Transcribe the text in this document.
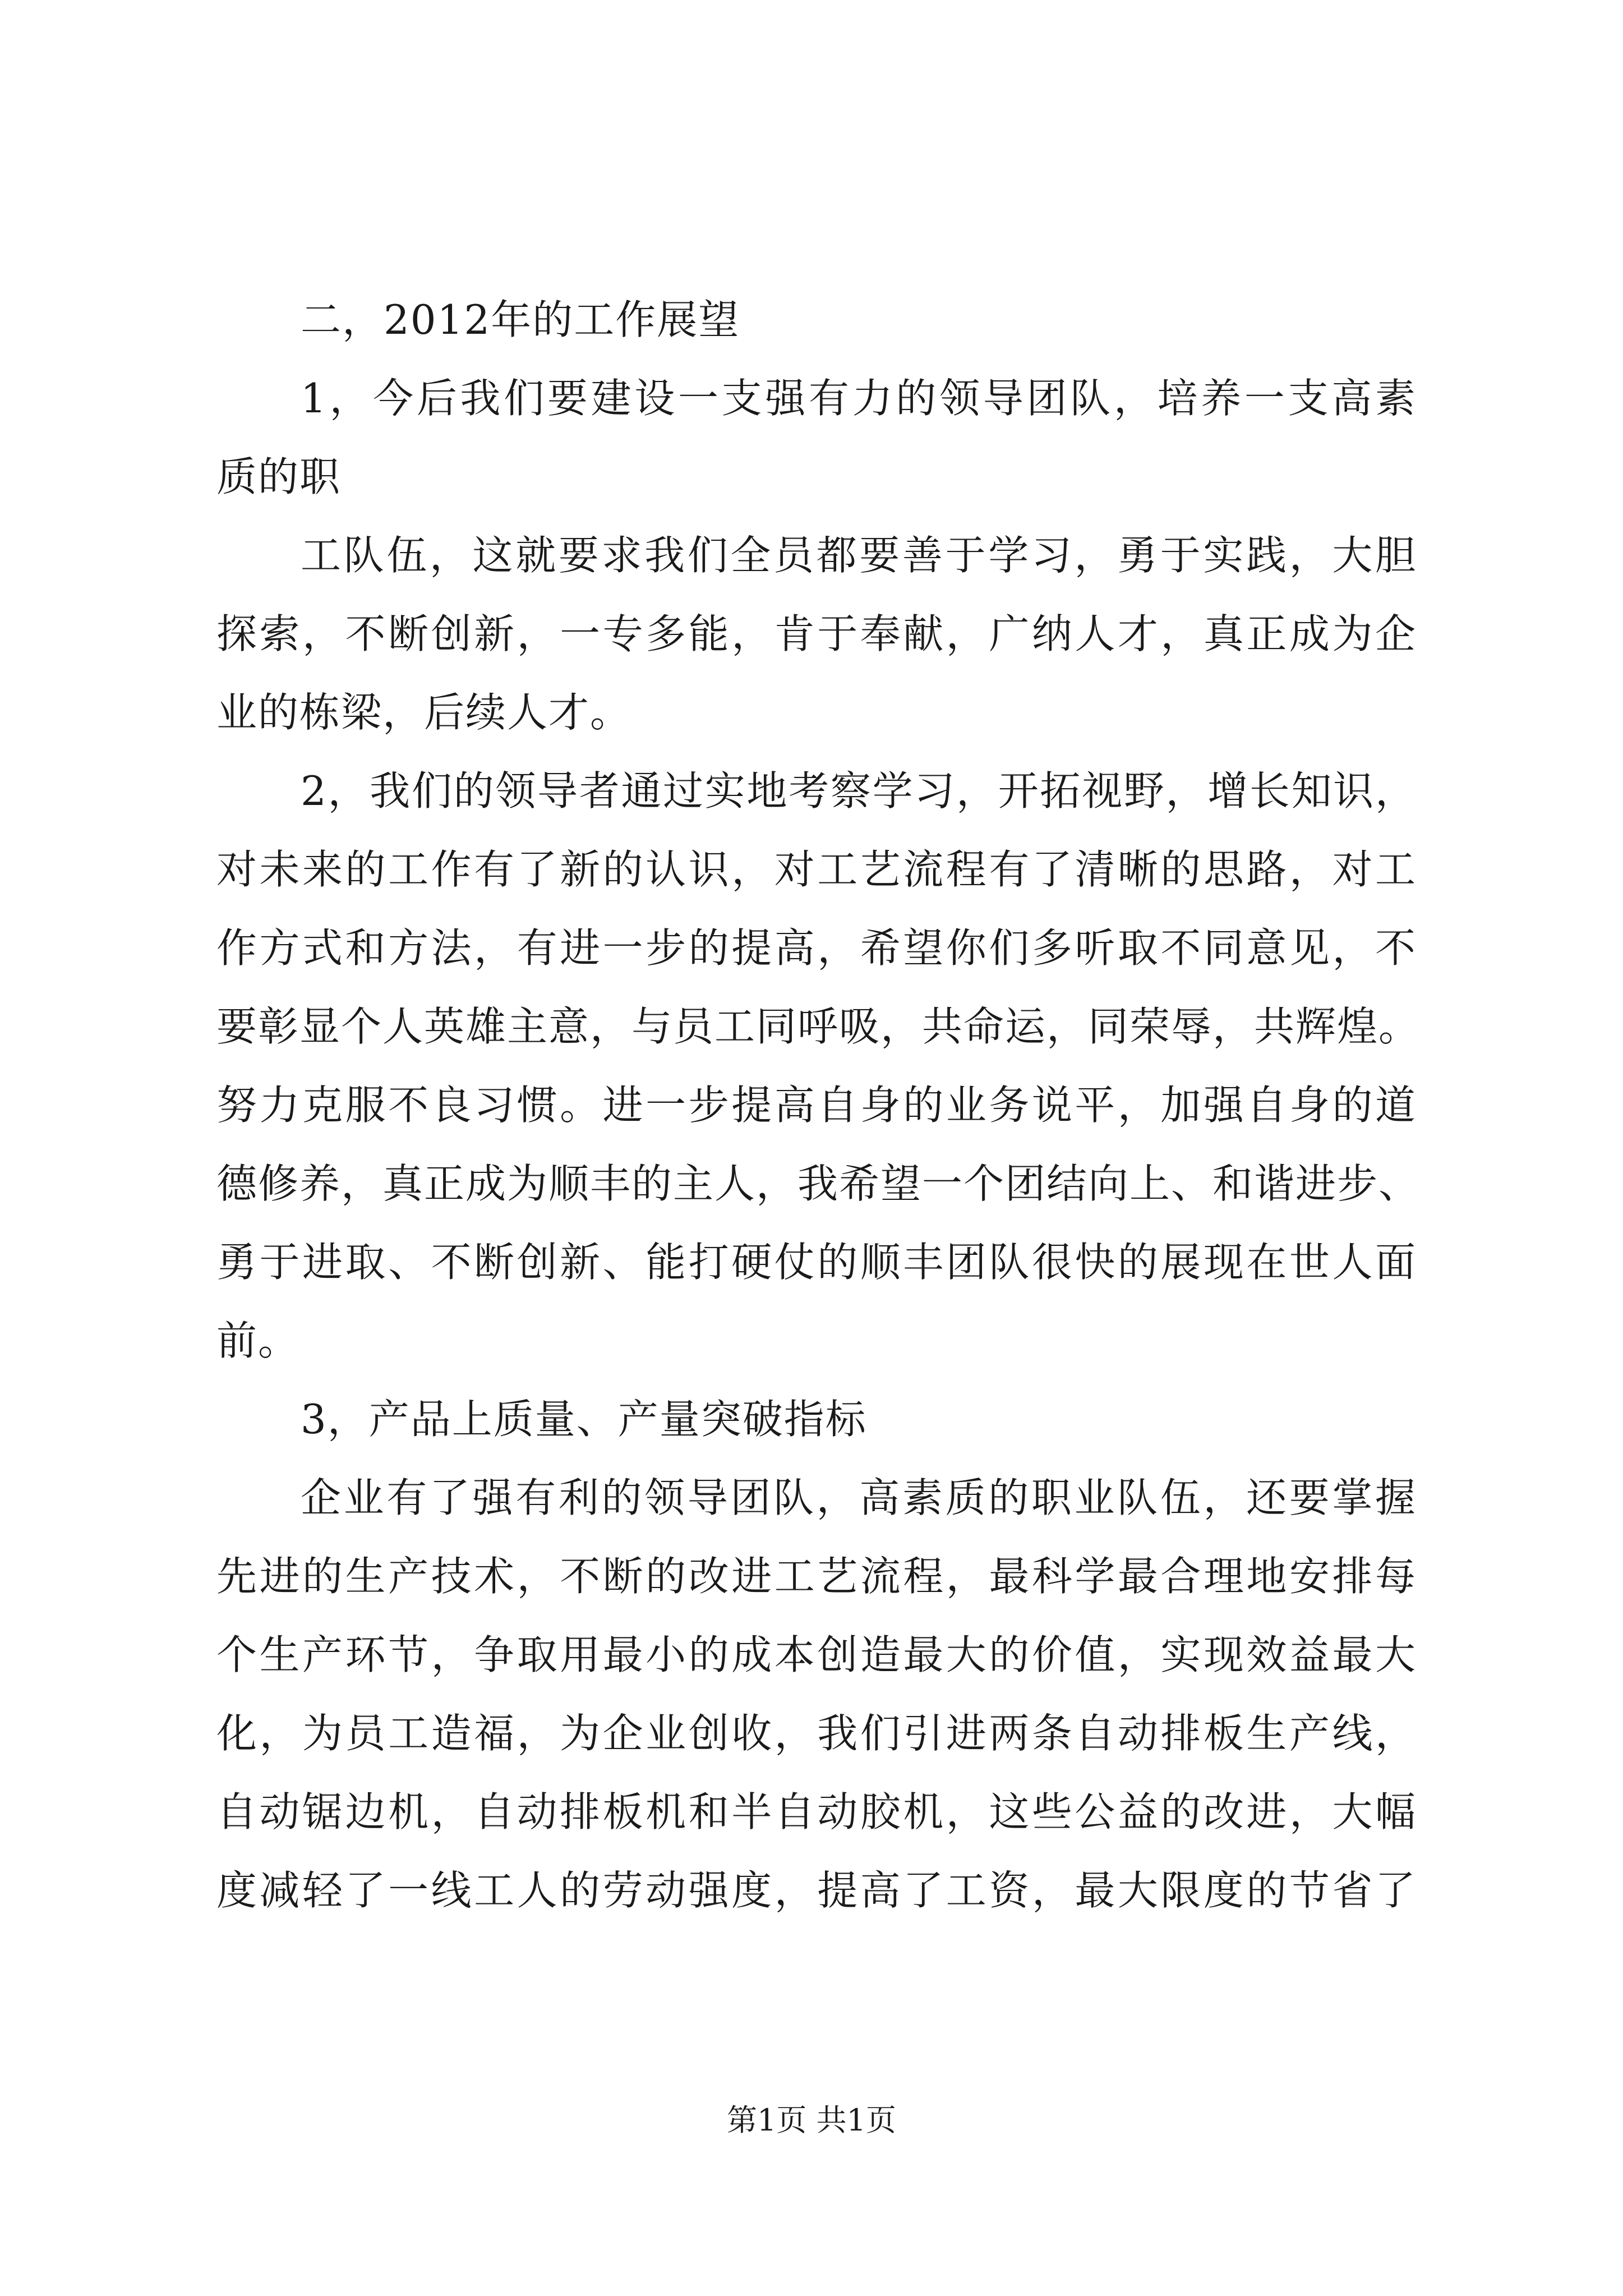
二，2012年的工作展望
1，今后我们要建设一支强有力的领导团队，培养一支高素
质的职
工队伍，这就要求我们全员都要善于学习，勇于实践，大胆
探索，不断创新，一专多能，肯于奉献，广纳人才，真正成为企
业的栋梁，后续人才。
2，我们的领导者通过实地考察学习，开拓视野，增长知识，
对未来的工作有了新的认识，对工艺流程有了清晰的思路，对工
作方式和方法，有进一步的提高，希望你们多听取不同意见，不
要彰显个人英雄主意，与员工同呼吸，共命运，同荣辱，共辉煌。
努力克服不良习惯。进一步提高自身的业务说平，加强自身的道
德修养，真正成为顺丰的主人，我希望一个团结向上、和谐进步、
勇于进取、不断创新、能打硬仗的顺丰团队很快的展现在世人面
前。
3，产品上质量、产量突破指标
企业有了强有利的领导团队，高素质的职业队伍，还要掌握
先进的生产技术，不断的改进工艺流程，最科学最合理地安排每
个生产环节，争取用最小的成本创造最大的价值，实现效益最大
化，为员工造福，为企业创收，我们引进两条自动排板生产线，
自动锯边机，自动排板机和半自动胶机，这些公益的改进，大幅
度减轻了一线工人的劳动强度，提高了工资，最大限度的节省了
第1页 共1页
